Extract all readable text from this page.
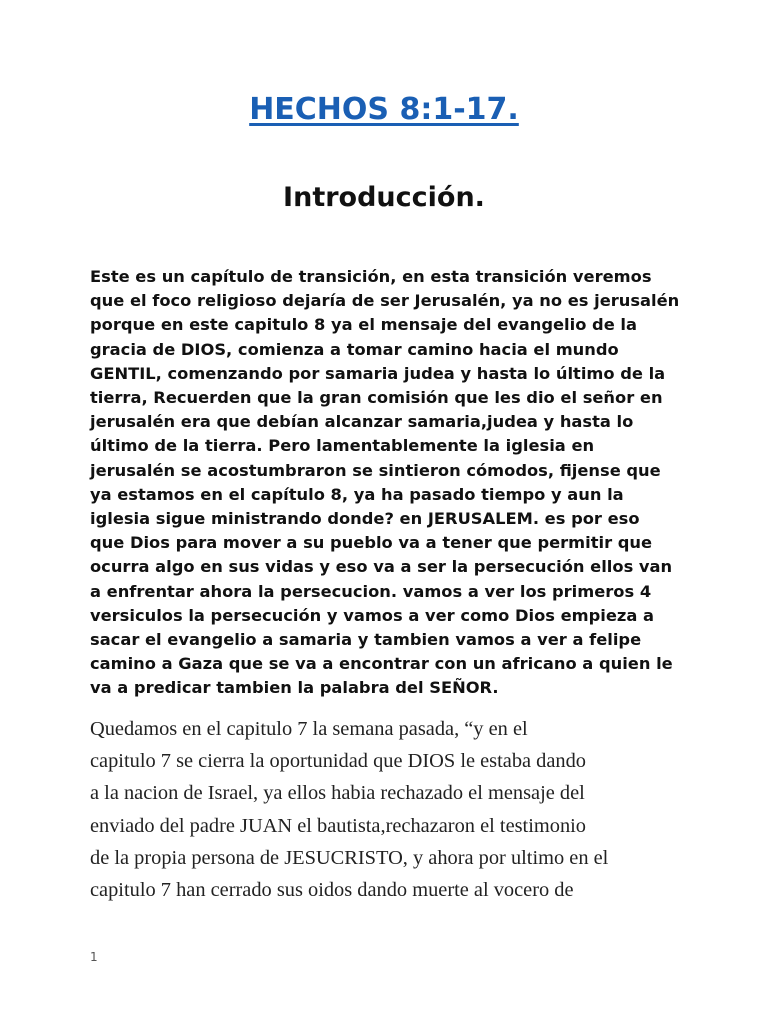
HECHOS 8:1-17.
Introducción.

Este es un capítulo de transición, en esta transición veremos
que el foco religioso dejaría de ser Jerusalén, ya no es jerusalén
porque en este capitulo 8 ya el mensaje del evangelio de la
gracia de DIOS, comienza a tomar camino hacia el mundo
GENTIL, comenzando por samaria judea y hasta lo último de la
tierra, Recuerden que la gran comisión que les dio el señor en
jerusalén era que debían alcanzar samaria,judea y hasta lo
último de la tierra. Pero lamentablemente la iglesia en
jerusalén se acostumbraron se sintieron cómodos, fijense que
ya estamos en el capítulo 8, ya ha pasado tiempo y aun la
iglesia sigue ministrando donde? en JERUSALEM. es por eso
que Dios para mover a su pueblo va a tener que permitir que
ocurra algo en sus vidas y eso va a ser la persecución ellos van
a enfrentar ahora la persecucion. vamos a ver los primeros 4
versiculos la persecución y vamos a ver como Dios empieza a
sacar el evangelio a samaria y tambien vamos a ver a felipe
camino a Gaza que se va a encontrar con un africano a quien le
va a predicar tambien la palabra del SEÑOR.

Quedamos en el capitulo 7 la semana pasada, “y en el
capitulo 7 se cierra la oportunidad que DIOS le estaba dando
a la nacion de Israel, ya ellos habia rechazado el mensaje del
enviado del padre JUAN el bautista,rechazaron el testimonio
de la propia persona de JESUCRISTO, y ahora por ultimo en el
capitulo 7 han cerrado sus oidos dando muerte al vocero de

1
